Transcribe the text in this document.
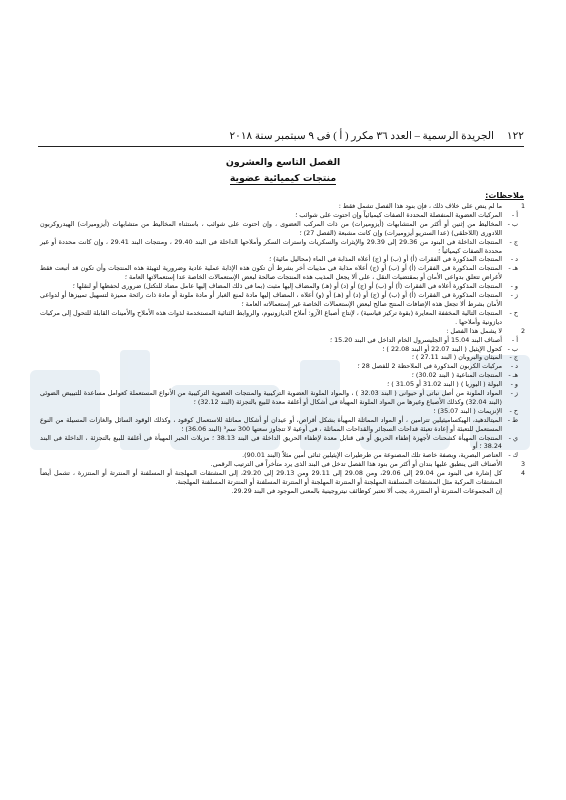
١٢٢
الجريدة الرسمية – العدد ٣٦ مكرر ( أ ) فى ٩ سبتمبر سنة ٢٠١٨
الفصل التاسع والعشرون
منتجات كيميائية عضوية
ملاحظات:
1
ما لم ينص على خلاف ذلك ، فإن بنود هذا الفصل تشمل فقط :
أ -
المركبات العضوية المنفصلة المحددة الصفات كيميائياً وإن احتوت على شوائب ؛
ب -
المخاليط من إثنين أو أكثر من المتشابهات (أيزوميرات) من ذات المركب العضوى ، وإن احتوت على شوائب ، باستثناء المخاليط من متشابهات (أيزوميرات) الهيدروكربون اللادورى (اللاحلقى) (عدا الستريو أيزوميرات) وإن كانت مشبعة (الفصل 27) ؛
ج -
المنتجات الداخلة فى البنود من 29.36 إلى 29.39 والإيثرات والسكريات واسترات السكر وأملاحها الداخلة فى البند 29.40 ، ومنتجات البند 29.41 ، وإن كانت محددة أو غير محددة الصفات كيميائياً ؛
د -
المنتجات المذكورة فى الفقرات (أ) أو (ب) أو (ج) أعلاه المذابة فى الماء (محاليل مائية) ؛
هـ -
المنتجات المذكورة فى الفقرات (أ) أو (ب) أو (ج) أعلاه مذابة فى مذيبات أخر بشرط أن تكون هذه الإذابة عملية عادية وضرورية لتهيئة هذه المنتجات وأن تكون قد أتبعت فقط لأغراض تتعلق بدواعى الأمان أو بمقتضيات النقل ، على ألا يجعل المذيب هذه المنتجات صالحة لبعض الإستعمالات الخاصة عدا إستعمالاتها العامة ؛
و -
المنتجات المذكورة أعلاه فى الفقرات (أ) أو (ب) أو (ج) أو (د) أو (هـ) والمضاف إليها مثبت (بما فى ذلك المضاف إليها عامل مضاد للتكتل) ضرورى لحفظها أو لنقلها ؛
ز -
المنتجات المذكورة فى الفقرات (أ) أو (ب) أو (ج) أو (د) أو (هـ) أو (و) أعلاه ، المضاف إليها مادة لمنع الغبار أو مادة ملونة أو مادة ذات رائحة مميزة لتسهيل تمييزها أو لدواعى الأمان بشرط ألا تجعل هذه الإضافات المنتج صالح لبعض الإستعمالات الخاصة غير إستعمالاته العامة ؛
ح -
المنتجات التالية المخففة المعايرة (بقوة تركيز قياسية) ، لإنتاج أصباغ الآزو: أملاح الديازونيوم، والروابط الثنائية المستخدمة لذوات هذه الأملاح والأمينات القابلة للتحول إلى مركبات ديازونية وأملاحها .
2
لا يشمل هذا الفصل :
أ -
أصناف البند 15.04 أو الجليسرول الخام الداخل فى البند 15.20 ؛
ب -
كحول الإيثيل ( البند 22.07 أو البند 22.08 ) ؛
ج -
الميثان والبروبان ( البند 27.11 ) ؛
د -
مركبات الكربون المذكورة فى الملاحظة 2 للفصل 28 ؛
هـ -
المنتجات المناعية ( البند 30.02) ؛
و -
البولة ( اليوريا ) ( البند 31.02 أو 31.05 ) ؛
ز -
المواد الملونة من أصل نباتى أو حيوانى ( البند 32.03 ) ، والمواد الملونة العضوية التركيبية والمنتجات العضوية التركيبية من الأنواع المستعملة كعوامل مساعدة للتبييض الضوئى (البند 32.04) وكذلك الأصباغ وغيرها من المواد الملونة المهيأة فى أشكال أو أغلفة معدة للبيع بالتجزئة (البند 32.12) ؛
ح -
الإنزيمات ( البند 35.07) ؛
ط -
الميتالدهيد، الهيكساميثيلين تترامين ، أو المواد المماثلة المهيأة بشكل أقراص، أو عيدان أو أشكال مماثلة للاستعمال كوقود ، وكذلك الوقود السائل والغازات المسيلة من النوع المستعمل للتعبئة أو إعادة تعبئة قداحات السجائر والقداحات المماثلة ، فى أوعية لا تتجاوز سعتها 300 سم³ (البند 36.06) ؛
ي -
المنتجات المهيأة كشحنات لأجهزة إطفاء الحريق أو فى قنابل معدة لإطفاء الحريق الداخلة فى البند 38.13 ؛ مزيلات الحبر المهيأة فى أغلفة للبيع بالتجزئة ، الداخلة فى البند 38.24 ؛ أو
ك -
العناصر البصرية، وبصفة خاصة تلك المصنوعة من طرطيرات الإيثيلين ثنائى أمين مثلاً (البند 90.01).
3
الأصناف التى ينطبق عليها بندان أو أكثر من بنود هذا الفصل تدخل فى البند الذى يرد متأخراً فى الترتيب الرقمى.
4
كل إشارة فى البنود من 29.04 إلى 29.06، ومن 29.08 إلى 29.11 ومن 29.13 إلى 29.20، إلى المشتقات المهلجنة أو المسلفنة أو المنترتة أو المنتزرة ، تشمل أيضاً المشتقات المركبة مثل المشتقات المسلفنة المهلجنة أو المنترتة المهلجنة أو المنترتة المسلفنة أو المنترتة المسلفنة المهلجنة.
إن المجموعات المنترتة أو المنتزرة، يجب ألا تعتبر كوظائف نيتروجينية بالمعنى الموجود فى البند 29.29.
